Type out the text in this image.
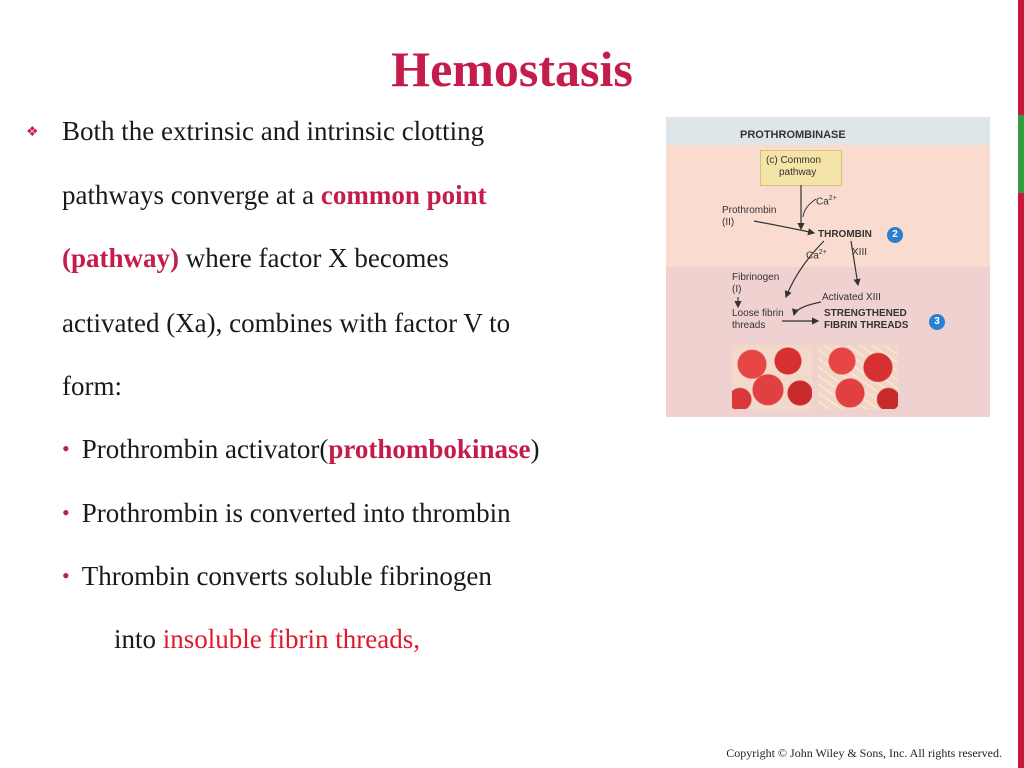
Hemostasis
❖ Both the extrinsic and intrinsic clotting
pathways converge at a common point
(pathway) where factor X becomes
activated (Xa), combines with factor V to
form:
• Prothrombin activator(prothombokinase)
• Prothrombin is converted into thrombin
• Thrombin converts soluble fibrinogen
into insoluble fibrin threads,
PROTHROMBINASE
(c) Common
pathway
$Ca^{2+}$
Prothrombin
(II)
THROMBIN	2
$Ca^{2+}$	XIII
Fibrinogen
(I)
Activated XIII
Loose fibrin
threads
STRENGTHENED
FIBRIN THREADS	3
Copyright © John Wiley & Sons, Inc. All rights reserved.
